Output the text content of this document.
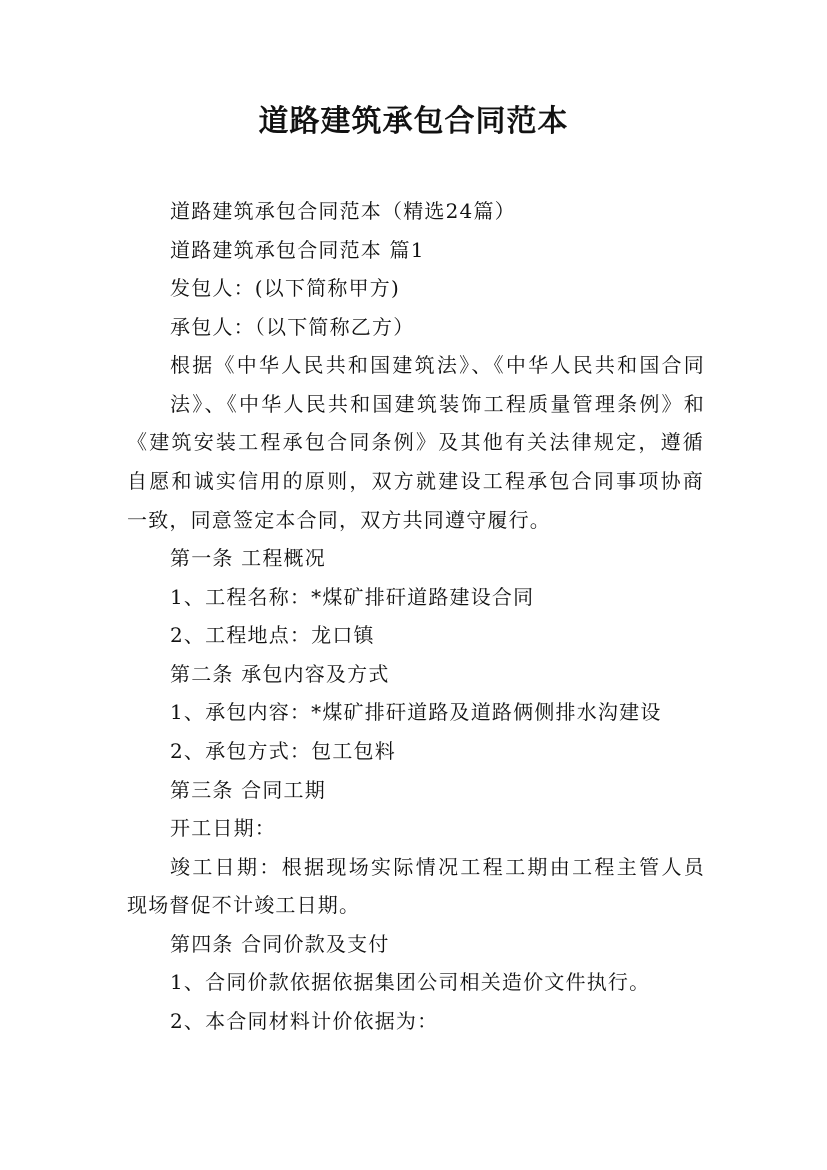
道路建筑承包合同范本
道路建筑承包合同范本（精选24篇）
道路建筑承包合同范本 篇1
发包人：(以下简称甲方)
承包人：（以下简称乙方）
根据《中华人民共和国建筑法》、《中华人民共和国合同
法》、《中华人民共和国建筑装饰工程质量管理条例》和
《建筑安装工程承包合同条例》及其他有关法律规定，遵循
自愿和诚实信用的原则，双方就建设工程承包合同事项协商
一致，同意签定本合同，双方共同遵守履行。
第一条 工程概况
1、工程名称：*煤矿排矸道路建设合同
2、工程地点：龙口镇
第二条 承包内容及方式
1、承包内容：*煤矿排矸道路及道路俩侧排水沟建设
2、承包方式：包工包料
第三条 合同工期
开工日期：
竣工日期：根据现场实际情况工程工期由工程主管人员
现场督促不计竣工日期。
第四条 合同价款及支付
1、合同价款依据依据集团公司相关造价文件执行。
2、本合同材料计价依据为：
